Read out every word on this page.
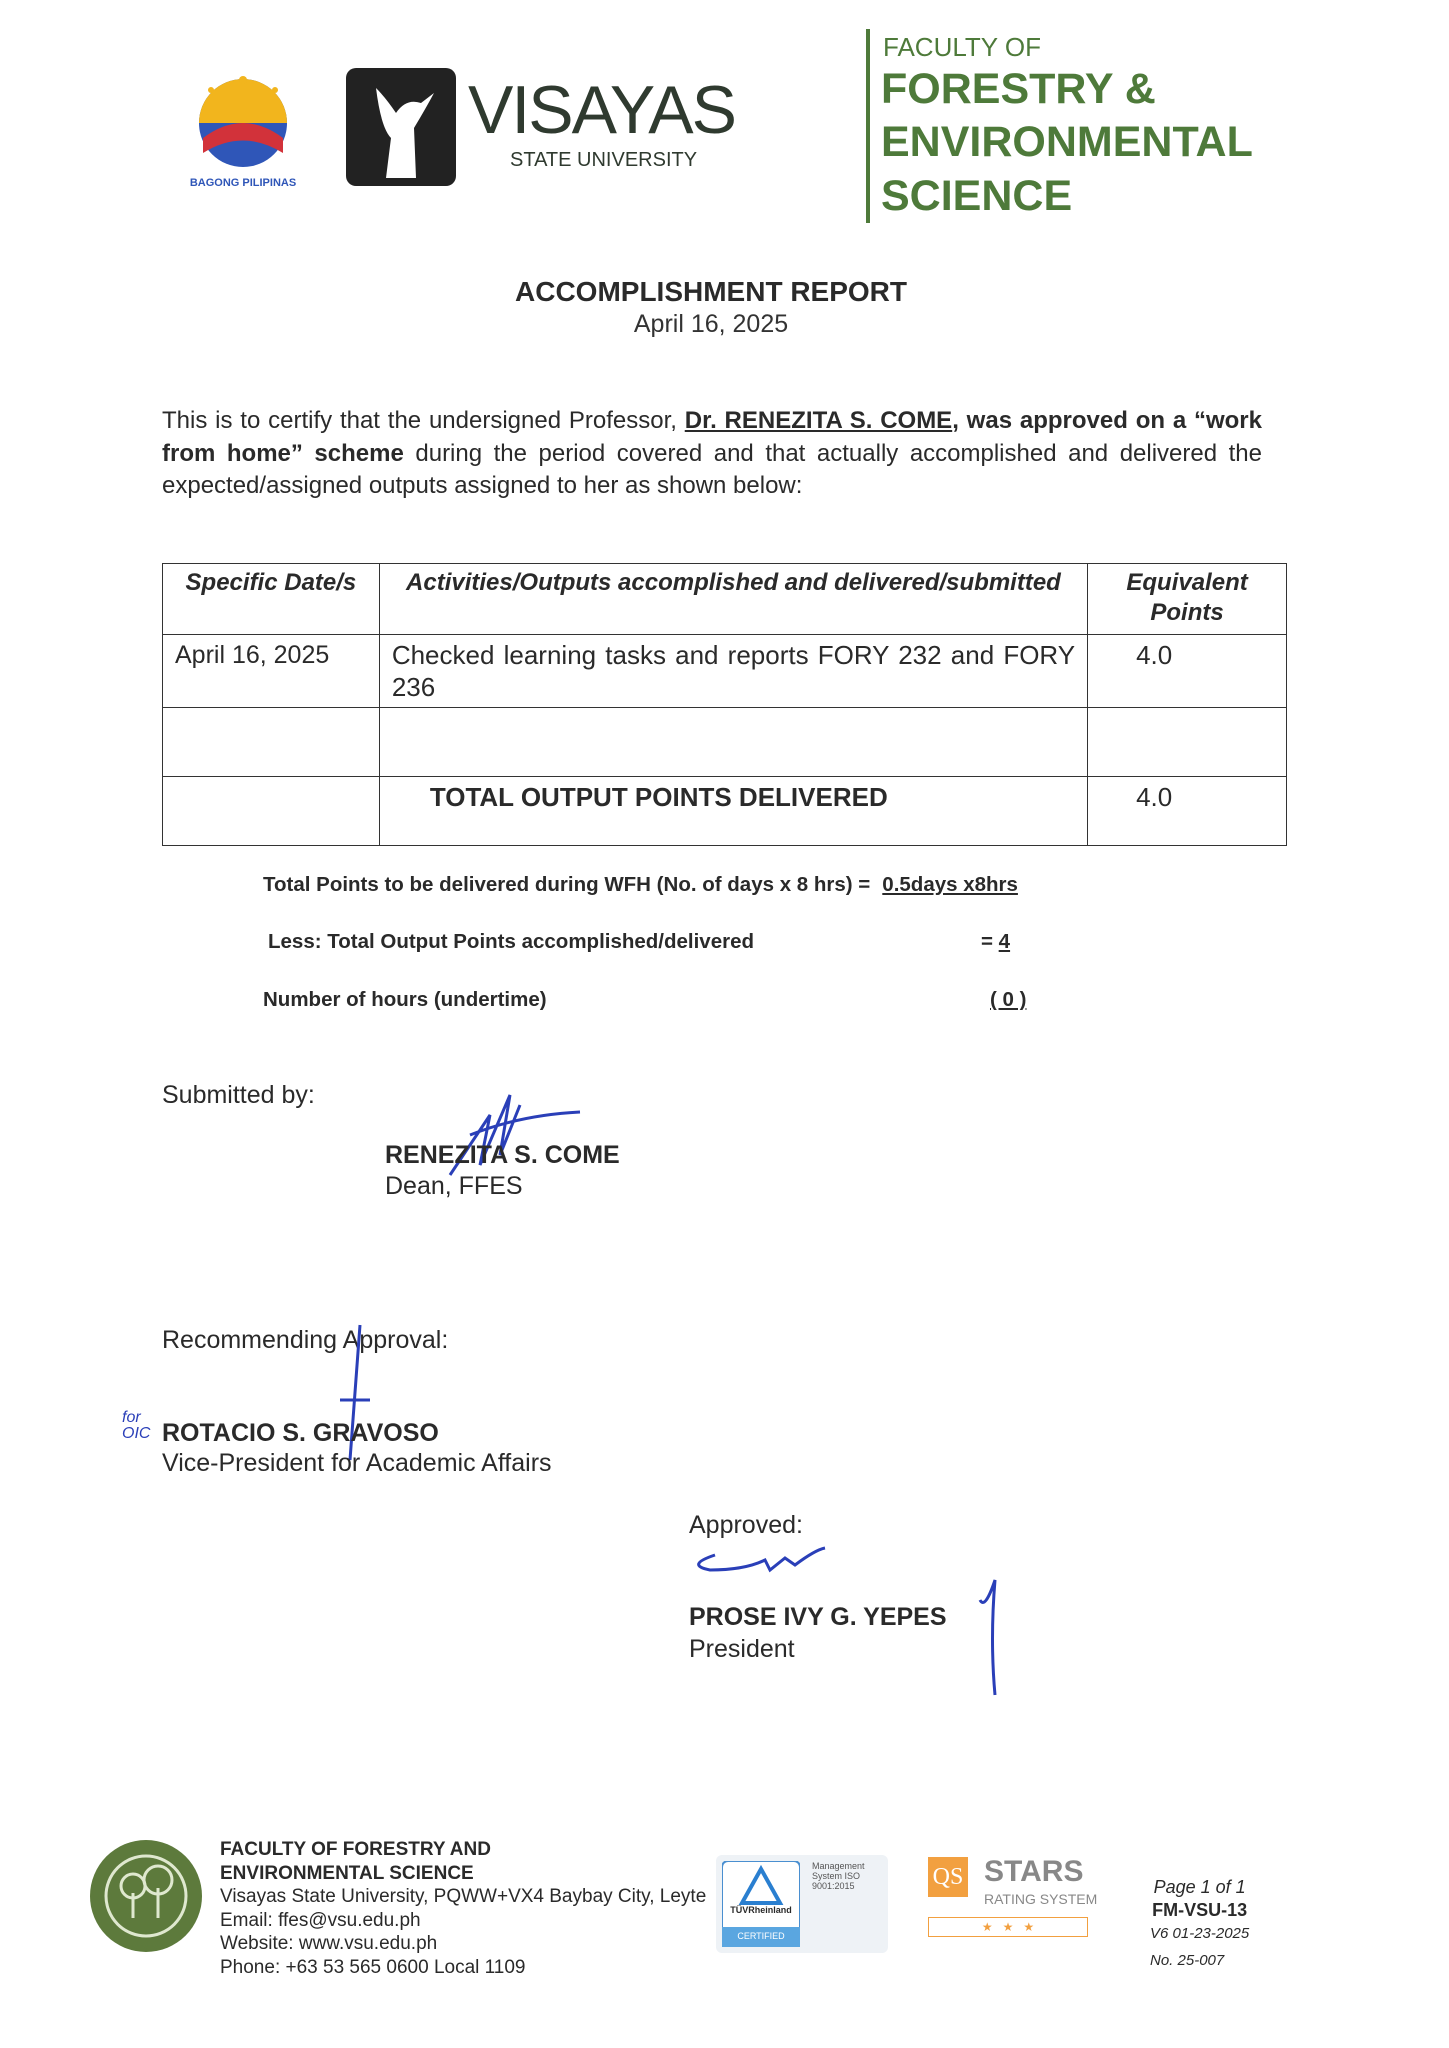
BAGONG PILIPINAS
VISAYAS
STATE UNIVERSITY
FACULTY OF
FORESTRY &
ENVIRONMENTAL
SCIENCE
ACCOMPLISHMENT REPORT
April 16, 2025
This is to certify that the undersigned Professor, Dr. RENEZITA S. COME, was approved on a “work from home” scheme during the period covered and that actually accomplished and delivered the expected/assigned outputs assigned to her as shown below:
Specific Date/s	Activities/Outputs accomplished and delivered/submitted	Equivalent Points
April 16, 2025	Checked learning tasks and reports FORY 232 and FORY 236	4.0

	TOTAL OUTPUT POINTS DELIVERED	4.0
Total Points to be delivered during WFH (No. of days x 8 hrs) = 0.5days x8hrs
Less: Total Output Points accomplished/delivered	= 4
Number of hours (undertime)	( 0 )
Submitted by:
RENEZITA S. COME
Dean, FFES
Recommending Approval:
for OIC ROTACIO S. GRAVOSO
Vice-President for Academic Affairs
Approved:
PROSE IVY G. YEPES
President
FACULTY OF FORESTRY AND
ENVIRONMENTAL SCIENCE
Visayas State University, PQWW+VX4 Baybay City, Leyte
Email: ffes@vsu.edu.ph
Website: www.vsu.edu.ph
Phone: +63 53 565 0600 Local 1109
TÜVRheinland
CERTIFIED
Management System ISO 9001:2015	QS STARS
RATING SYSTEM
★   ★   ★
Page 1 of 1
FM-VSU-13
V6 01-23-2025
No. 25-007
